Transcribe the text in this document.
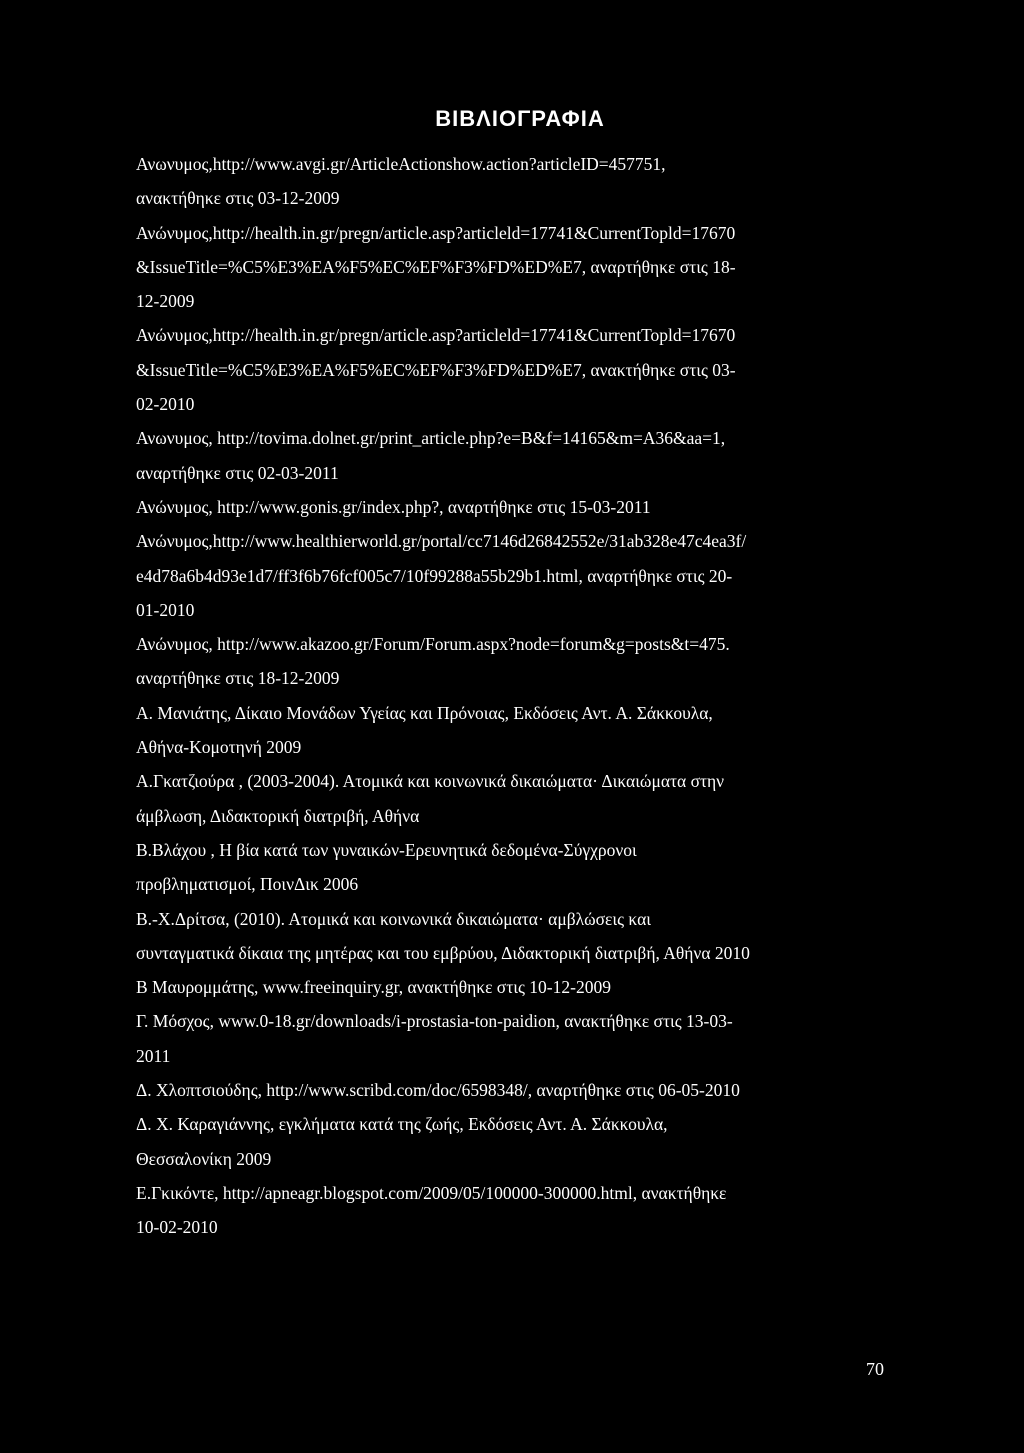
ΒΙΒΛΙΟΓΡΑΦΙΑ
Ανωνυμος,http://www.avgi.gr/ArticleActionshow.action?articleID=457751,
ανακτήθηκε στις 03-12-2009
Ανώνυμος,http://health.in.gr/pregn/article.asp?articleld=17741&CurrentTopld=17670
&IssueTitle=%C5%E3%EA%F5%EC%EF%F3%FD%ED%E7, αναρτήθηκε στις 18-
12-2009
Ανώνυμος,http://health.in.gr/pregn/article.asp?articleld=17741&CurrentTopld=17670
&IssueTitle=%C5%E3%EA%F5%EC%EF%F3%FD%ED%E7, ανακτήθηκε στις 03-
02-2010
Ανωνυμος, http://tovima.dolnet.gr/print_article.php?e=B&f=14165&m=A36&aa=1,
αναρτήθηκε στις 02-03-2011
Ανώνυμος, http://www.gonis.gr/index.php?, αναρτήθηκε στις 15-03-2011
Ανώνυμος,http://www.healthierworld.gr/portal/cc7146d26842552e/31ab328e47c4ea3f/
e4d78a6b4d93e1d7/ff3f6b76fcf005c7/10f99288a55b29b1.html, αναρτήθηκε στις 20-
01-2010
Ανώνυμος, http://www.akazoo.gr/Forum/Forum.aspx?node=forum&g=posts&t=475.
αναρτήθηκε στις 18-12-2009
Α. Μανιάτης, Δίκαιο Μονάδων Υγείας και Πρόνοιας, Εκδόσεις Αντ. Α. Σάκκουλα,
Αθήνα-Κομοτηνή 2009
Α.Γκατζιούρα , (2003-2004). Ατομικά και κοινωνικά δικαιώματα· Δικαιώματα στην
άμβλωση, Διδακτορική διατριβή, Αθήνα
Β.Βλάχου , Η βία κατά των γυναικών-Ερευνητικά δεδομένα-Σύγχρονοι
προβληματισμοί, ΠοινΔικ 2006
Β.-Χ.Δρίτσα, (2010). Ατομικά και κοινωνικά δικαιώματα· αμβλώσεις και
συνταγματικά δίκαια της μητέρας και του εμβρύου, Διδακτορική διατριβή, Αθήνα 2010
Β Μαυρομμάτης, www.freeinquiry.gr, ανακτήθηκε στις 10-12-2009
Γ. Μόσχος, www.0-18.gr/downloads/i-prostasia-ton-paidion, ανακτήθηκε στις 13-03-
2011
Δ. Χλοπτσιούδης, http://www.scribd.com/doc/6598348/, αναρτήθηκε στις 06-05-2010
Δ. Χ. Καραγιάννης, εγκλήματα κατά της ζωής, Εκδόσεις Αντ. Α. Σάκκουλα,
Θεσσαλονίκη 2009
Ε.Γκικόντε, http://apneagr.blogspot.com/2009/05/100000-300000.html, ανακτήθηκε
10-02-2010
70
